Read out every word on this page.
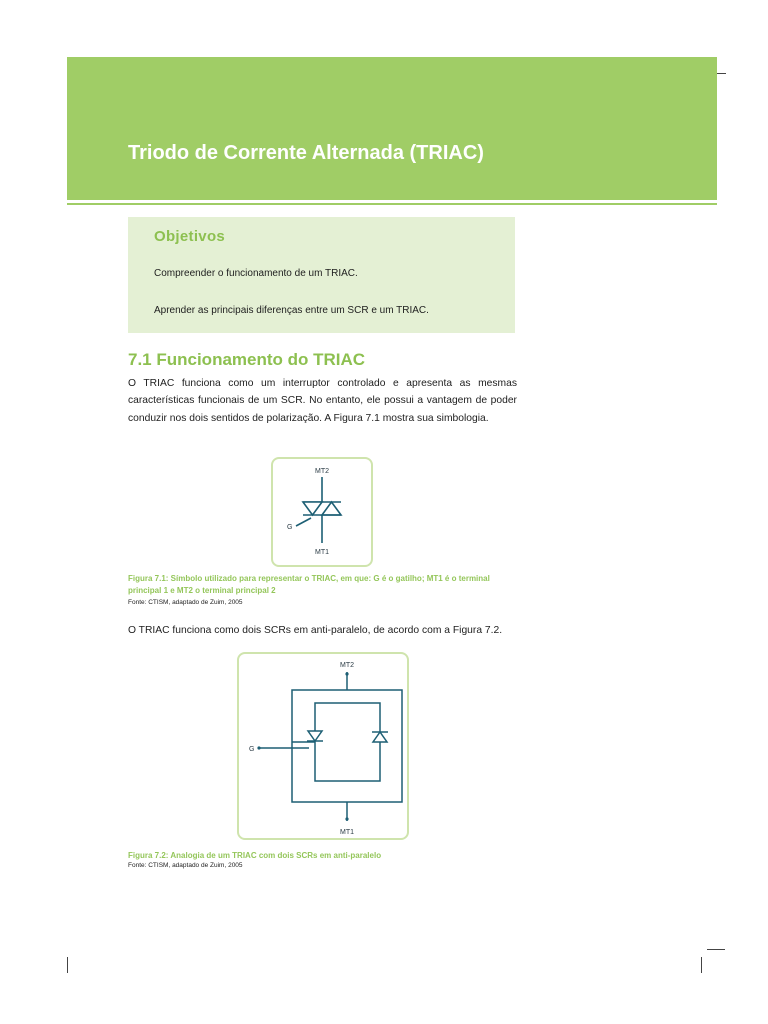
Triodo de Corrente Alternada (TRIAC)
Objetivos
Compreender o funcionamento de um TRIAC.
Aprender as principais diferenças entre um SCR e um TRIAC.
7.1 Funcionamento do TRIAC
O TRIAC funciona como um interruptor controlado e apresenta as mesmas características funcionais de um SCR. No entanto, ele possui a vantagem de poder conduzir nos dois sentidos de polarização. A Figura 7.1 mostra sua simbologia.
MT2
MT1
G
Figura 7.1: Símbolo utilizado para representar o TRIAC, em que: G é o gatilho; MT1 é o terminal principal 1 e MT2 o terminal principal 2
Fonte: CTISM, adaptado de Zuim, 2005
O TRIAC funciona como dois SCRs em anti-paralelo, de acordo com a Figura 7.2.
MT2
MT1
G
Figura 7.2: Analogia de um TRIAC com dois SCRs em anti-paralelo
Fonte: CTISM, adaptado de Zuim, 2005
